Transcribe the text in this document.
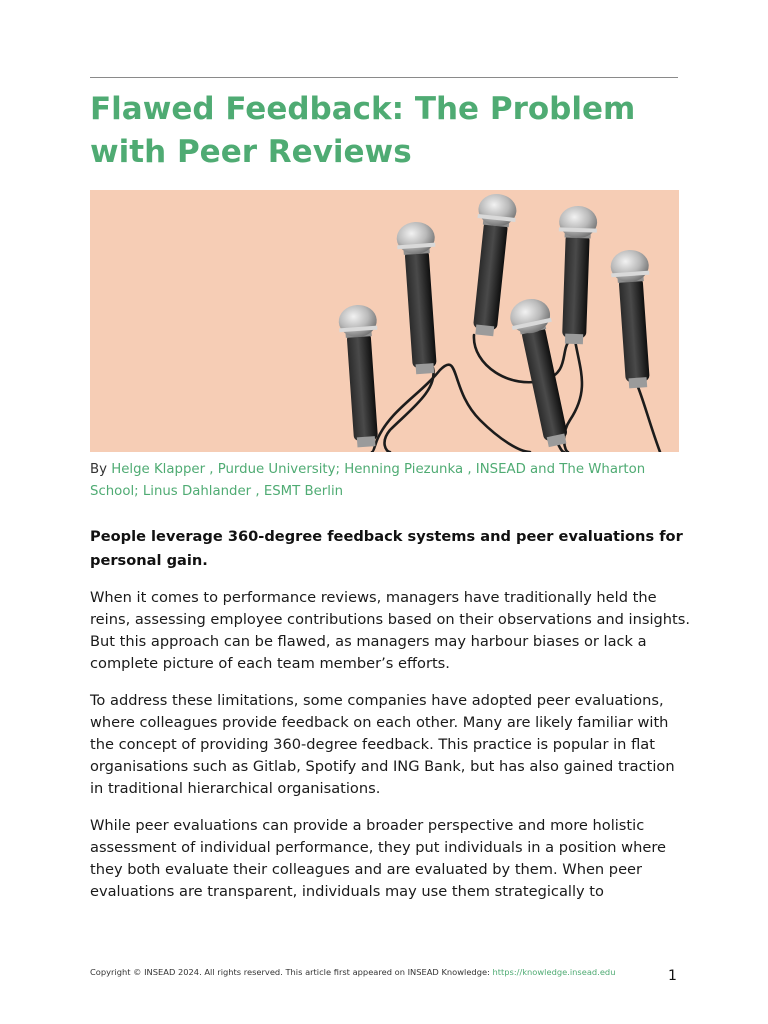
Flawed Feedback: The Problem with Peer Reviews
By Helge Klapper , Purdue University; Henning Piezunka , INSEAD and The Wharton School; Linus Dahlander , ESMT Berlin

People leverage 360-degree feedback systems and peer evaluations for personal gain.

When it comes to performance reviews, managers have traditionally held the reins, assessing employee contributions based on their observations and insights. But this approach can be flawed, as managers may harbour biases or lack a complete picture of each team member’s efforts.

To address these limitations, some companies have adopted peer evaluations, where colleagues provide feedback on each other. Many are likely familiar with the concept of providing 360-degree feedback. This practice is popular in flat organisations such as Gitlab, Spotify and ING Bank, but has also gained traction in traditional hierarchical organisations.

While peer evaluations can provide a broader perspective and more holistic assessment of individual performance, they put individuals in a position where they both evaluate their colleagues and are evaluated by them. When peer evaluations are transparent, individuals may use them strategically to

Copyright © INSEAD 2024. All rights reserved. This article first appeared on INSEAD Knowledge: https://knowledge.insead.edu	1
